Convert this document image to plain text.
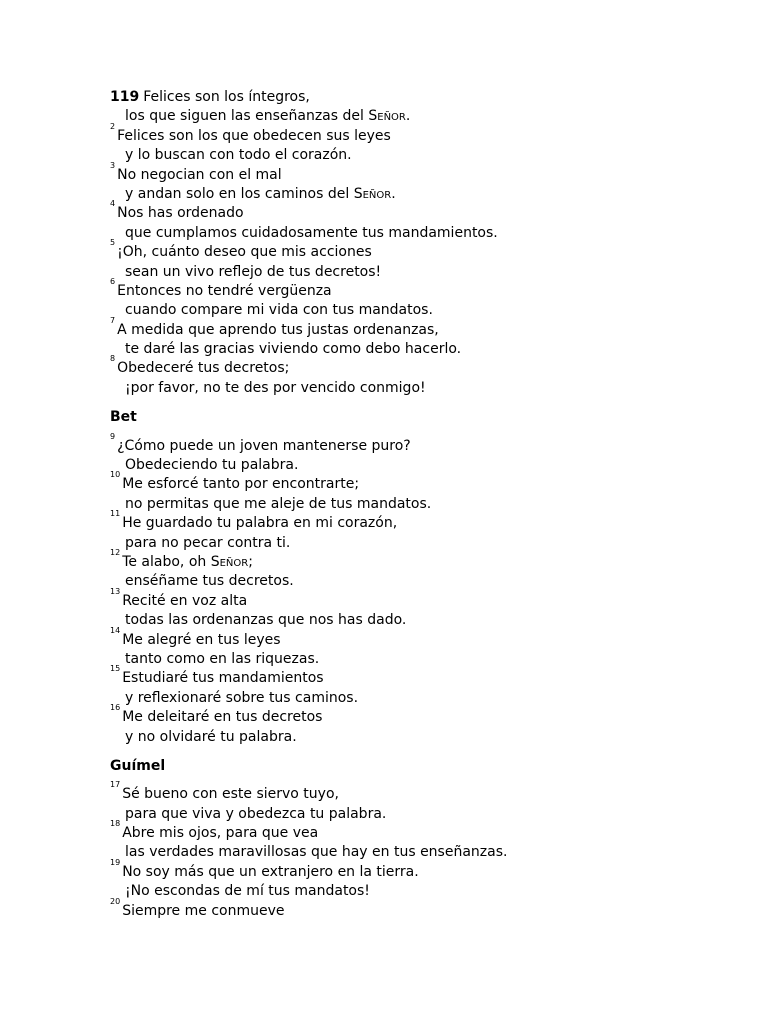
119 Felices son los íntegros,
los que siguen las enseñanzas del Señor.
$^2$Felices son los que obedecen sus leyes
y lo buscan con todo el corazón.
$^3$No negocian con el mal
y andan solo en los caminos del Señor.
$^4$Nos has ordenado
que cumplamos cuidadosamente tus mandamientos.
$^5$¡Oh, cuánto deseo que mis acciones
sean un vivo reflejo de tus decretos!
$^6$Entonces no tendré vergüenza
cuando compare mi vida con tus mandatos.
$^7$A medida que aprendo tus justas ordenanzas,
te daré las gracias viviendo como debo hacerlo.
$^8$Obedeceré tus decretos;
¡por favor, no te des por vencido conmigo!
Bet
$^9$¿Cómo puede un joven mantenerse puro?
Obedeciendo tu palabra.
$^{10}$Me esforcé tanto por encontrarte;
no permitas que me aleje de tus mandatos.
$^{11}$He guardado tu palabra en mi corazón,
para no pecar contra ti.
$^{12}$Te alabo, oh Señor;
enséñame tus decretos.
$^{13}$Recité en voz alta
todas las ordenanzas que nos has dado.
$^{14}$Me alegré en tus leyes
tanto como en las riquezas.
$^{15}$Estudiaré tus mandamientos
y reflexionaré sobre tus caminos.
$^{16}$Me deleitaré en tus decretos
y no olvidaré tu palabra.
Guímel
$^{17}$Sé bueno con este siervo tuyo,
para que viva y obedezca tu palabra.
$^{18}$Abre mis ojos, para que vea
las verdades maravillosas que hay en tus enseñanzas.
$^{19}$No soy más que un extranjero en la tierra.
¡No escondas de mí tus mandatos!
$^{20}$Siempre me conmueve
